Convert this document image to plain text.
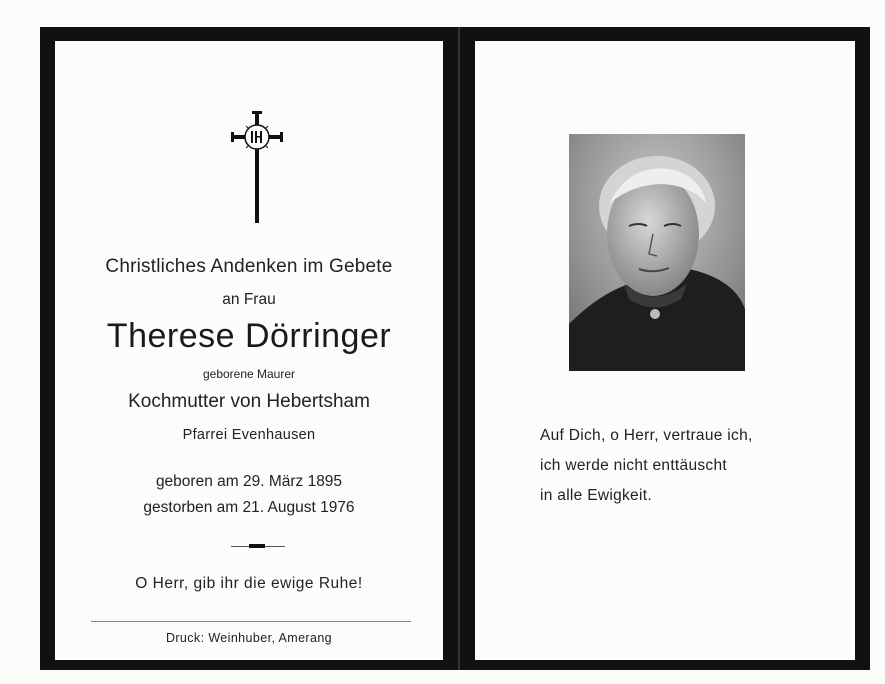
Christliches Andenken im Gebete
an Frau
Therese Dörringer
geborene Maurer
Kochmutter von Hebertsham
Pfarrei Evenhausen
geboren am 29. März 1895
gestorben am 21. August 1976
O Herr, gib ihr die ewige Ruhe!
Druck: Weinhuber, Amerang
Auf Dich, o Herr, vertraue ich,
ich werde nicht enttäuscht
in alle Ewigkeit.
